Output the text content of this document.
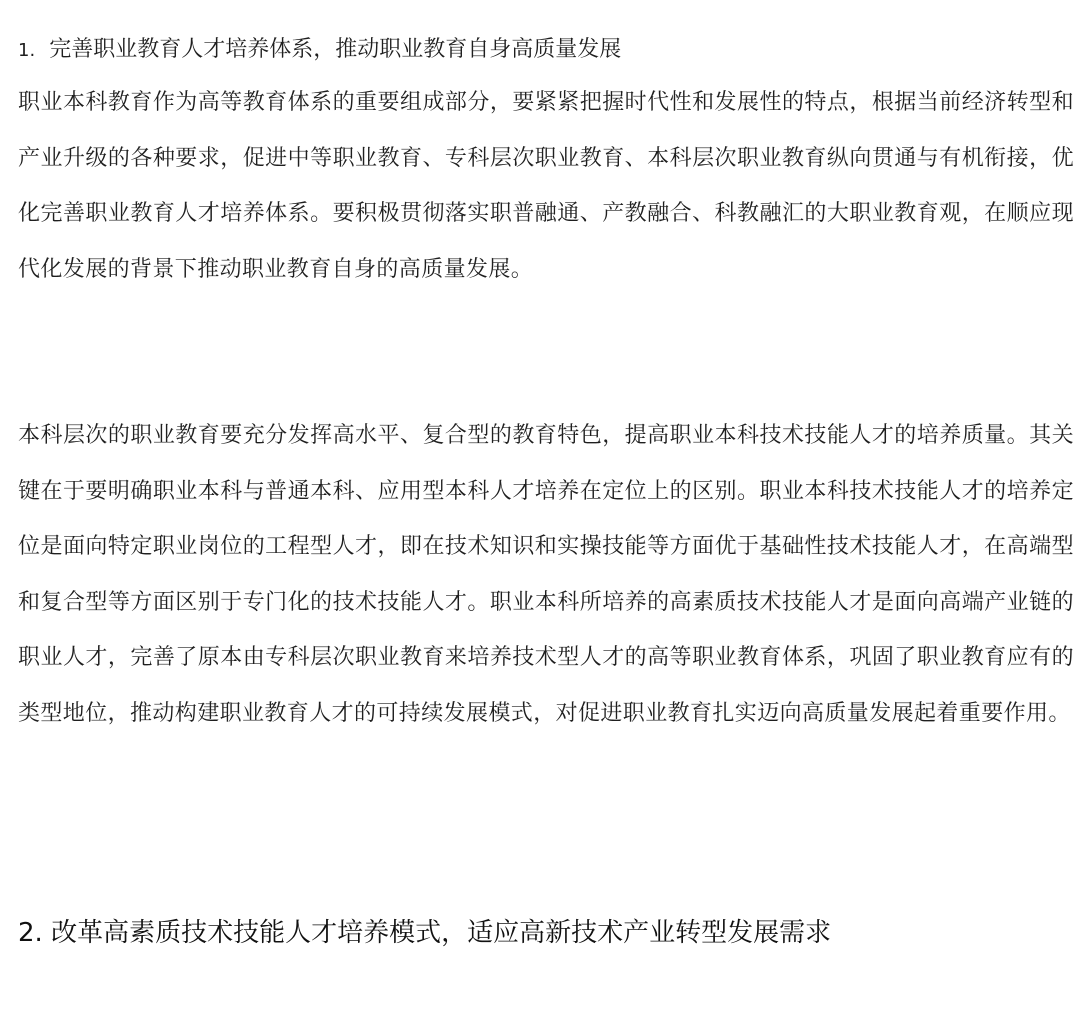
1. 完善职业教育人才培养体系，推动职业教育自身高质量发展

职业本科教育作为高等教育体系的重要组成部分，要紧紧把握时代性和发展性的特点，根据当前经济转型和产业升级的各种要求，促进中等职业教育、专科层次职业教育、本科层次职业教育纵向贯通与有机衔接，优化完善职业教育人才培养体系。要积极贯彻落实职普融通、产教融合、科教融汇的大职业教育观，在顺应现代化发展的背景下推动职业教育自身的高质量发展。

本科层次的职业教育要充分发挥高水平、复合型的教育特色，提高职业本科技术技能人才的培养质量。其关键在于要明确职业本科与普通本科、应用型本科人才培养在定位上的区别。职业本科技术技能人才的培养定位是面向特定职业岗位的工程型人才，即在技术知识和实操技能等方面优于基础性技术技能人才，在高端型和复合型等方面区别于专门化的技术技能人才。职业本科所培养的高素质技术技能人才是面向高端产业链的职业人才，完善了原本由专科层次职业教育来培养技术型人才的高等职业教育体系，巩固了职业教育应有的类型地位，推动构建职业教育人才的可持续发展模式，对促进职业教育扎实迈向高质量发展起着重要作用。

2. 改革高素质技术技能人才培养模式，适应高新技术产业转型发展需求
